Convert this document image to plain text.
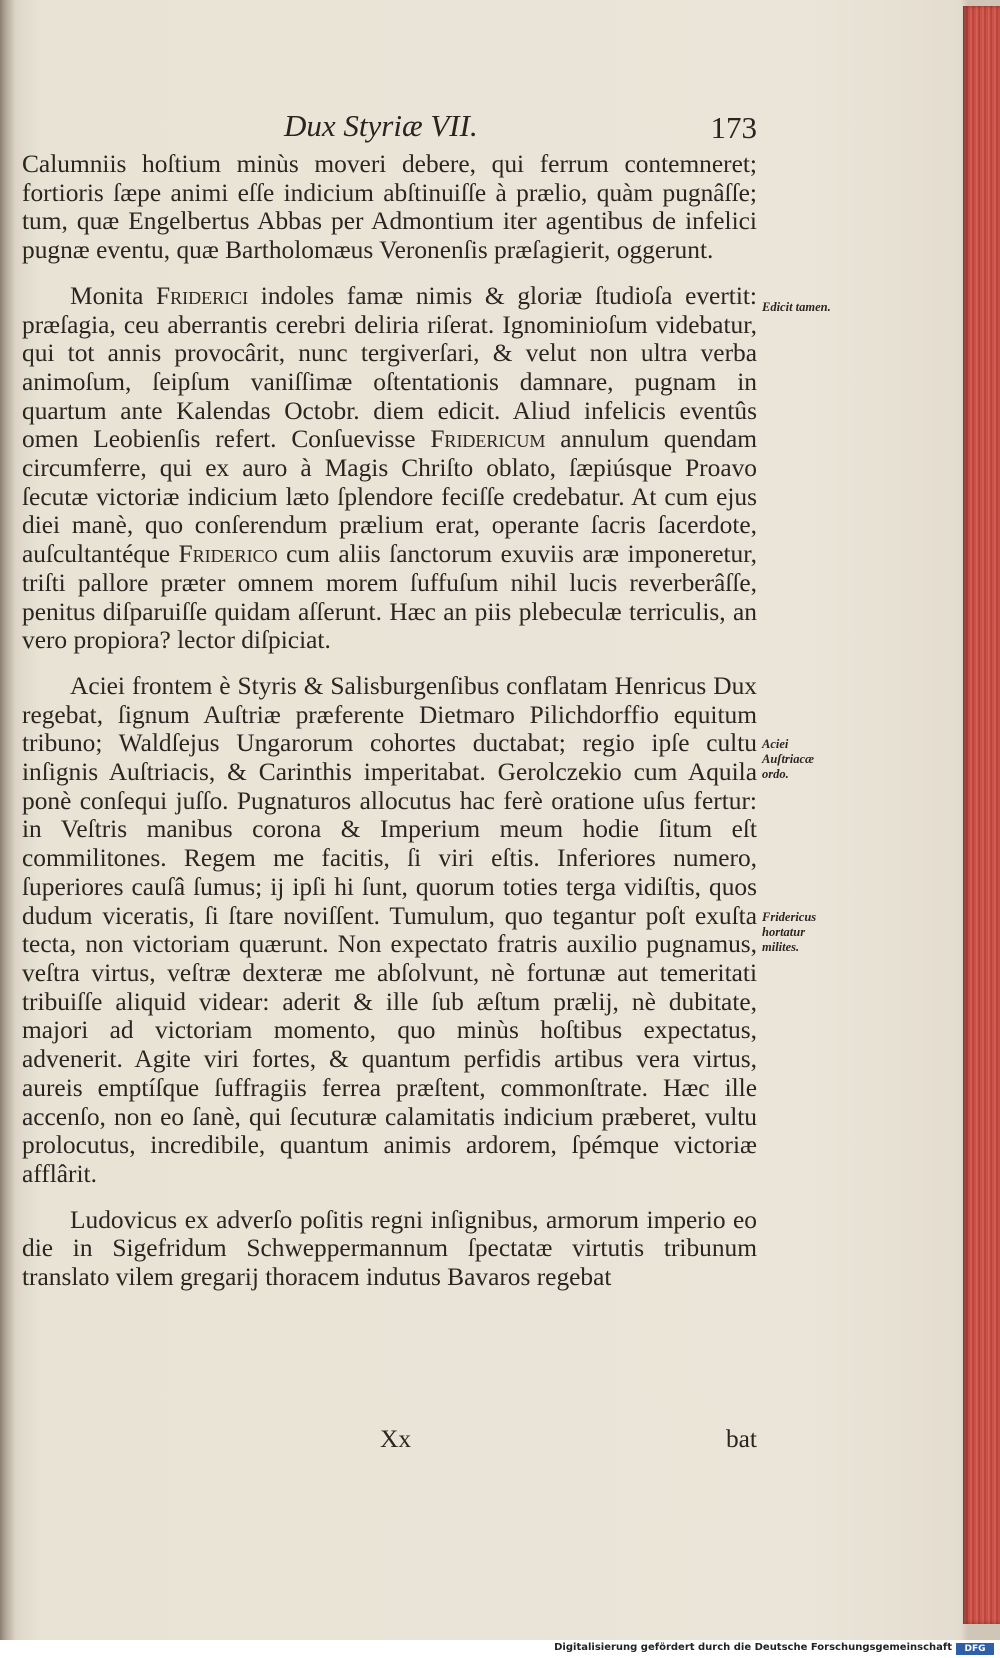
Dux Styriæ VII.	173

Calumniis hoſtium minùs moveri debere, qui ferrum contemneret; fortioris ſæpe animi eſſe indicium abſtinuiſſe à prælio, quàm pugnâſſe; tum, quæ Engelbertus Abbas per Admontium iter agentibus de infelici pugnæ eventu, quæ Bartholomæus Veronenſis præſagierit, oggerunt.

Monita Friderici indoles famæ nimis & gloriæ ſtudioſa evertit: præſagia, ceu aberrantis cerebri deliria riſerat. Ignominioſum videbatur, qui tot annis provocârit, nunc tergiverſari, & velut non ultra verba animoſum, ſeipſum vaniſſimæ oſtentationis damnare, pugnam in quartum ante Kalendas Octobr. diem edicit. Aliud infelicis eventûs omen Leobienſis refert. Conſuevisse Fridericum annulum quendam circumferre, qui ex auro à Magis Chriſto oblato, ſæpiúsque Proavo ſecutæ victoriæ indicium læto ſplendore feciſſe credebatur. At cum ejus diei manè, quo conſerendum prælium erat, operante ſacris ſacerdote, auſcultantéque Friderico cum aliis ſanctorum exuviis aræ imponeretur, triſti pallore præter omnem morem ſuffuſum nihil lucis reverberâſſe, penitus diſparuiſſe quidam aſſerunt. Hæc an piis plebeculæ terriculis, an vero propiora? lector diſpiciat.

Aciei frontem è Styris & Salisburgenſibus conflatam Henricus Dux regebat, ſignum Auſtriæ præferente Dietmaro Pilichdorffio equitum tribuno; Waldſejus Ungarorum cohortes ductabat; regio ipſe cultu inſignis Auſtriacis, & Carinthis imperitabat. Gerolczekio cum Aquila ponè conſequi juſſo. Pugnaturos allocutus hac ferè oratione uſus fertur: in Veſtris manibus corona & Imperium meum hodie ſitum eſt commilitones. Regem me facitis, ſi viri eſtis. Inferiores numero, ſuperiores cauſâ ſumus; ij ipſi hi ſunt, quorum toties terga vidiſtis, quos dudum viceratis, ſi ſtare noviſſent. Tumulum, quo tegantur poſt exuſta tecta, non victoriam quærunt. Non expectato fratris auxilio pugnamus, veſtra virtus, veſtræ dexteræ me abſolvunt, nè fortunæ aut temeritati tribuiſſe aliquid videar: aderit & ille ſub æſtum prælij, nè dubitate, majori ad victoriam momento, quo minùs hoſtibus expectatus, advenerit. Agite viri fortes, & quantum perfidis artibus vera virtus, aureis emptíſque ſuffragiis ferrea præſtent, commonſtrate. Hæc ille accenſo, non eo ſanè, qui ſecuturæ calamitatis indicium præberet, vultu prolocutus, incredibile, quantum animis ardorem, ſpémque victoriæ afflârit.

Ludovicus ex adverſo poſitis regni inſignibus, armorum imperio eo die in Sigefridum Schweppermannum ſpectatæ virtutis tribunum translato vilem gregarij thoracem indutus Bavaros regebat

Edicit tamen.
Aciei Auſtriacæ ordo.
Fridericus hortatur milites.
Xx	bat
Digitalisierung gefördert durch die Deutsche Forschungsgemeinschaft	DFG
